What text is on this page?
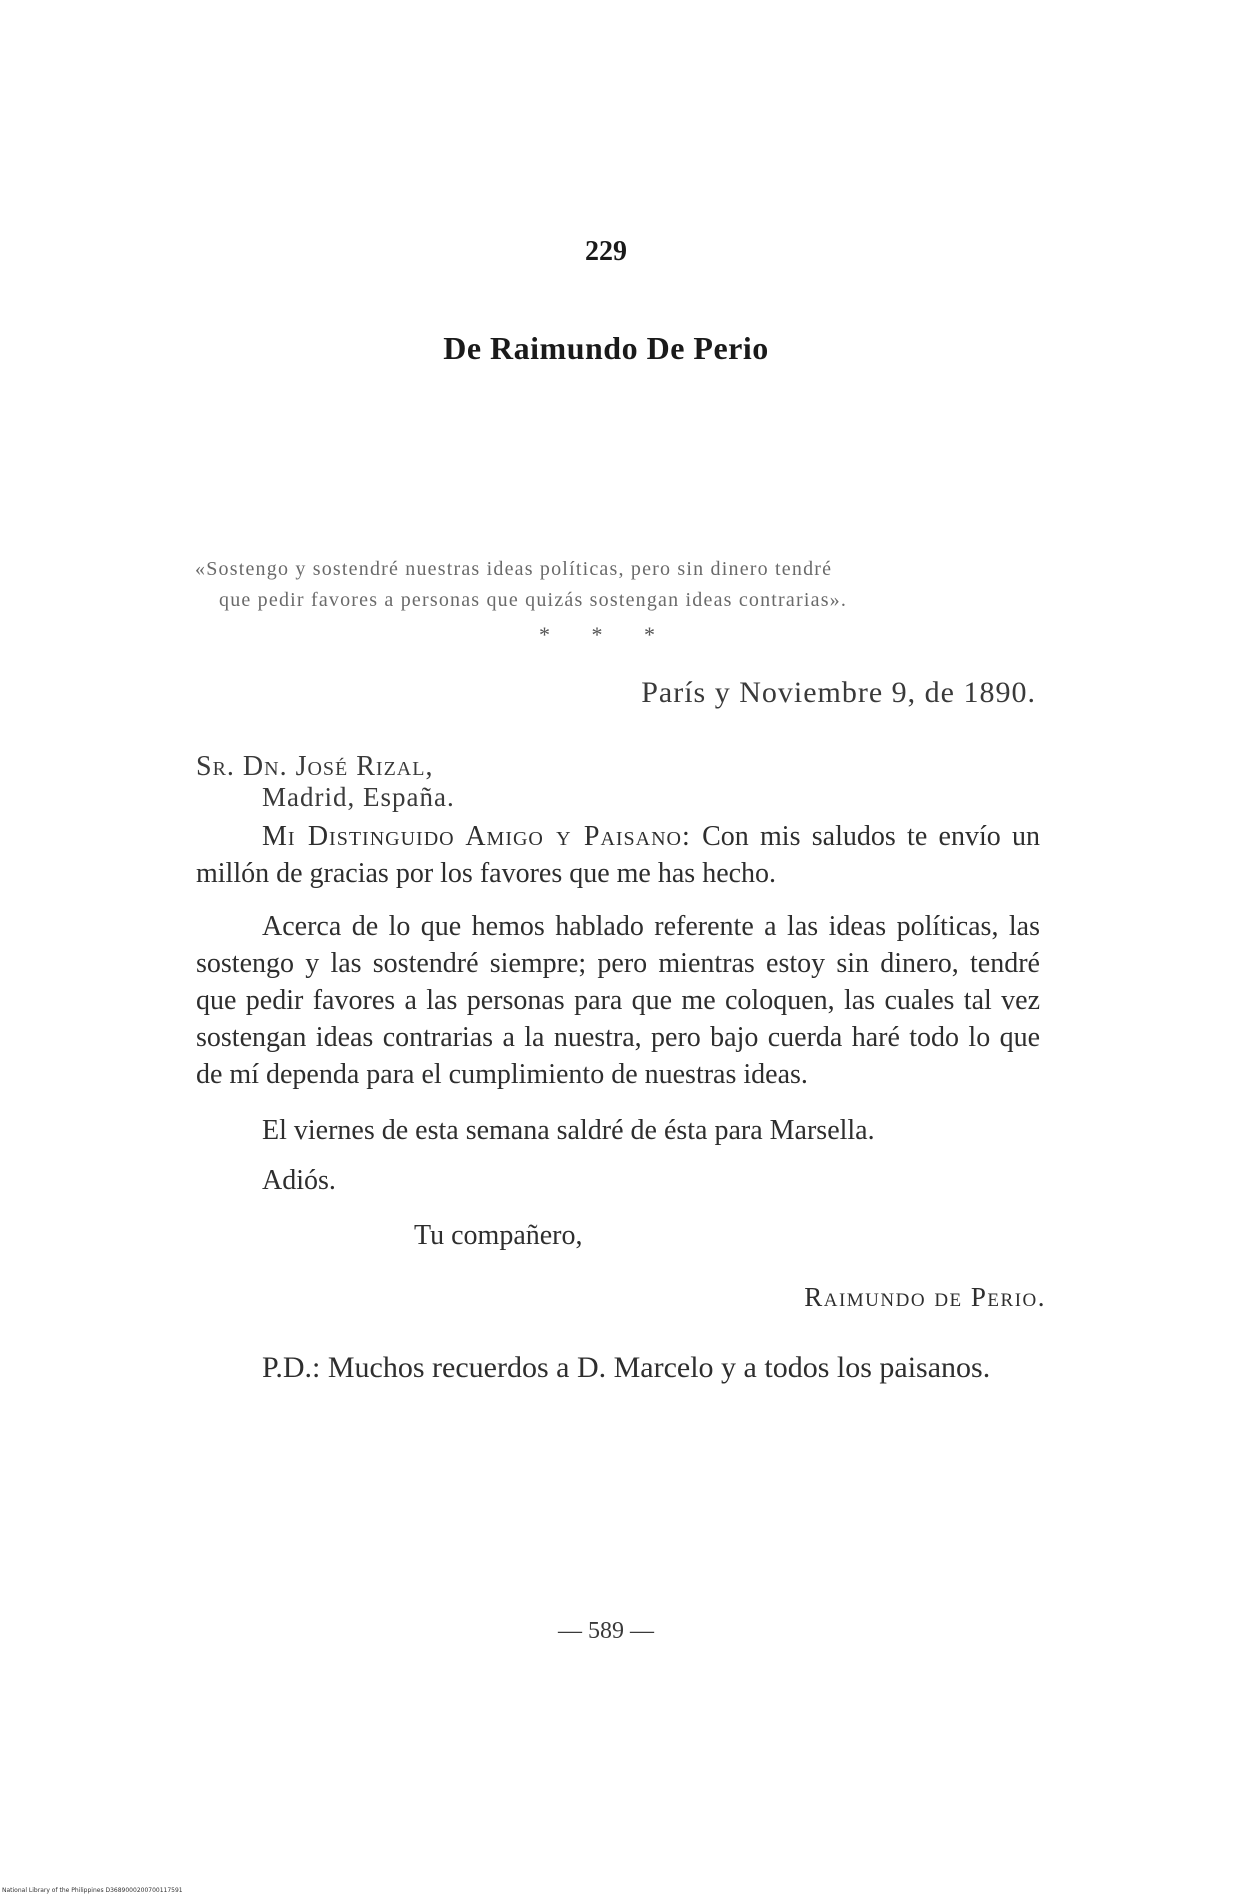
229
De Raimundo De Perio
«Sostengo y sostendré nuestras ideas políticas, pero sin dinero tendré
que pedir favores a personas que quizás sostengan ideas contrarias».
* * *
París y Noviembre 9, de 1890.
Sr. Dn. José Rizal,
Madrid, España.
Mi Distinguido Amigo y Paisano: Con mis saludos te envío un millón de gracias por los favores que me has hecho.
Acerca de lo que hemos hablado referente a las ideas políticas, las sostengo y las sostendré siempre; pero mientras estoy sin dinero, tendré que pedir favores a las personas para que me coloquen, las cuales tal vez sostengan ideas contrarias a la nuestra, pero bajo cuerda haré todo lo que de mí dependa para el cumplimiento de nuestras ideas.
El viernes de esta semana saldré de ésta para Marsella.
Adiós.
Tu compañero,
Raimundo de Perio.
P.D.: Muchos recuerdos a D. Marcelo y a todos los paisanos.
— 589 —
National Library of the Philippines D3689000200700117591
